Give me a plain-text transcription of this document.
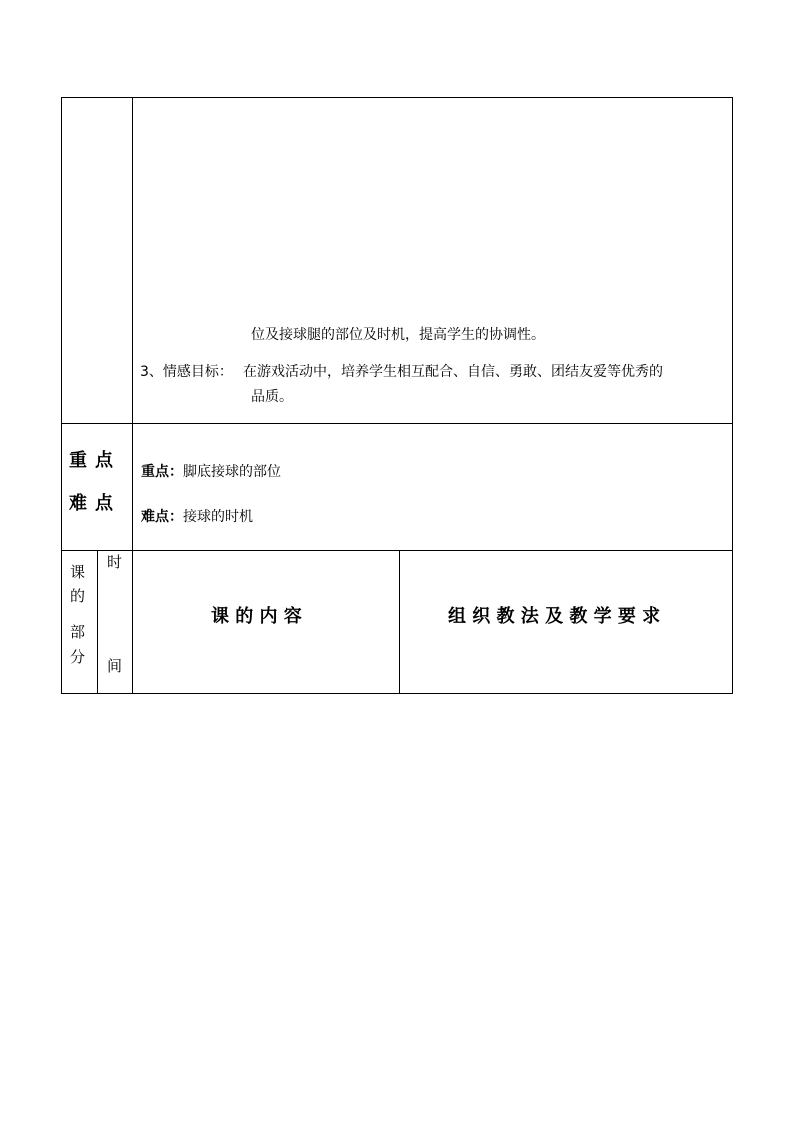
位及接球腿的部位及时机，提高学生的协调性。
3、情感目标： 在游戏活动中，培养学生相互配合、自信、勇敢、团结友爱等优秀的
品质。
重点
难点
重点：脚底接球的部位
难点：接球的时机
课
的
部
分
时
间
课 的 内 容	组 织 教 法 及 教 学 要 求
